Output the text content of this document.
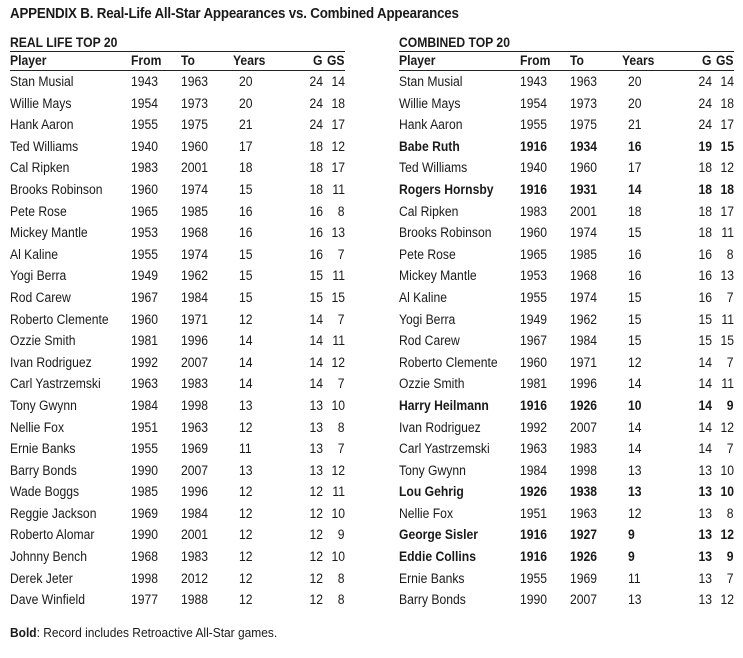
APPENDIX B. Real-Life All-Star Appearances vs. Combined Appearances
REAL LIFE TOP 20
Player	From	To	Years	G	GS
Stan Musial	1943	1963	20	24	14
Willie Mays	1954	1973	20	24	18
Hank Aaron	1955	1975	21	24	17
Ted Williams	1940	1960	17	18	12
Cal Ripken	1983	2001	18	18	17
Brooks Robinson	1960	1974	15	18	11
Pete Rose	1965	1985	16	16	8
Mickey Mantle	1953	1968	16	16	13
Al Kaline	1955	1974	15	16	7
Yogi Berra	1949	1962	15	15	11
Rod Carew	1967	1984	15	15	15
Roberto Clemente	1960	1971	12	14	7
Ozzie Smith	1981	1996	14	14	11
Ivan Rodriguez	1992	2007	14	14	12
Carl Yastrzemski	1963	1983	14	14	7
Tony Gwynn	1984	1998	13	13	10
Nellie Fox	1951	1963	12	13	8
Ernie Banks	1955	1969	11	13	7
Barry Bonds	1990	2007	13	13	12
Wade Boggs	1985	1996	12	12	11
Reggie Jackson	1969	1984	12	12	10
Roberto Alomar	1990	2001	12	12	9
Johnny Bench	1968	1983	12	12	10
Derek Jeter	1998	2012	12	12	8
Dave Winfield	1977	1988	12	12	8
COMBINED TOP 20
Player	From	To	Years	G	GS
Stan Musial	1943	1963	20	24	14
Willie Mays	1954	1973	20	24	18
Hank Aaron	1955	1975	21	24	17
Babe Ruth	1916	1934	16	19	15
Ted Williams	1940	1960	17	18	12
Rogers Hornsby	1916	1931	14	18	18
Cal Ripken	1983	2001	18	18	17
Brooks Robinson	1960	1974	15	18	11
Pete Rose	1965	1985	16	16	8
Mickey Mantle	1953	1968	16	16	13
Al Kaline	1955	1974	15	16	7
Yogi Berra	1949	1962	15	15	11
Rod Carew	1967	1984	15	15	15
Roberto Clemente	1960	1971	12	14	7
Ozzie Smith	1981	1996	14	14	11
Harry Heilmann	1916	1926	10	14	9
Ivan Rodriguez	1992	2007	14	14	12
Carl Yastrzemski	1963	1983	14	14	7
Tony Gwynn	1984	1998	13	13	10
Lou Gehrig	1926	1938	13	13	10
Nellie Fox	1951	1963	12	13	8
George Sisler	1916	1927	9	13	12
Eddie Collins	1916	1926	9	13	9
Ernie Banks	1955	1969	11	13	7
Barry Bonds	1990	2007	13	13	12
Bold: Record includes Retroactive All-Star games.
